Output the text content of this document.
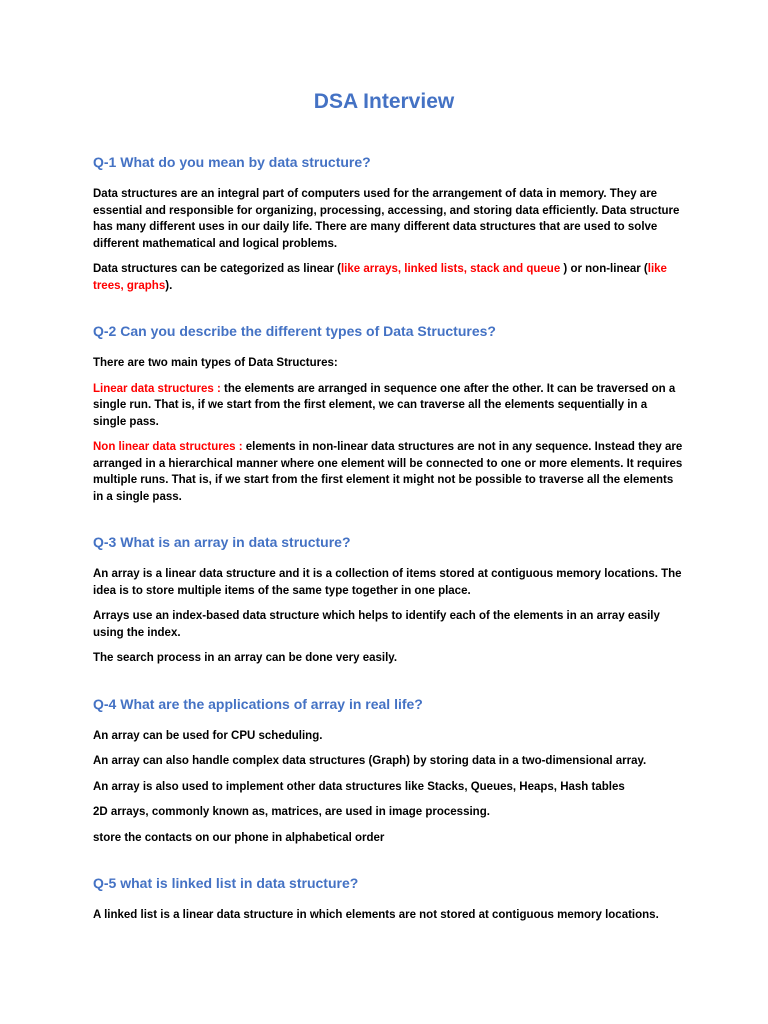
DSA Interview
Q-1 What do you mean by data structure?

Data structures are an integral part of computers used for the arrangement of data in memory. They are essential and responsible for organizing, processing, accessing, and storing data efficiently. Data structure has many different uses in our daily life. There are many different data structures that are used to solve different mathematical and logical problems.

Data structures can be categorized as linear (like arrays, linked lists, stack and queue ) or non-linear (like trees, graphs).

Q-2 Can you describe the different types of Data Structures?

There are two main types of Data Structures:

Linear data structures : the elements are arranged in sequence one after the other. It can be traversed on a single run. That is, if we start from the first element, we can traverse all the elements sequentially in a single pass.

Non linear data structures : elements in non-linear data structures are not in any sequence. Instead they are arranged in a hierarchical manner where one element will be connected to one or more elements. It requires multiple runs. That is, if we start from the first element it might not be possible to traverse all the elements in a single pass.

Q-3 What is an array in data structure?

An array is a linear data structure and it is a collection of items stored at contiguous memory locations. The idea is to store multiple items of the same type together in one place.

Arrays use an index-based data structure which helps to identify each of the elements in an array easily using the index.

The search process in an array can be done very easily.

Q-4 What are the applications of array in real life?

An array can be used for CPU scheduling.

An array can also handle complex data structures (Graph) by storing data in a two-dimensional array.

An array is also used to implement other data structures like Stacks, Queues, Heaps, Hash tables

2D arrays, commonly known as, matrices, are used in image processing.

store the contacts on our phone in alphabetical order

Q-5 what is linked list in data structure?

A linked list is a linear data structure in which elements are not stored at contiguous memory locations.
